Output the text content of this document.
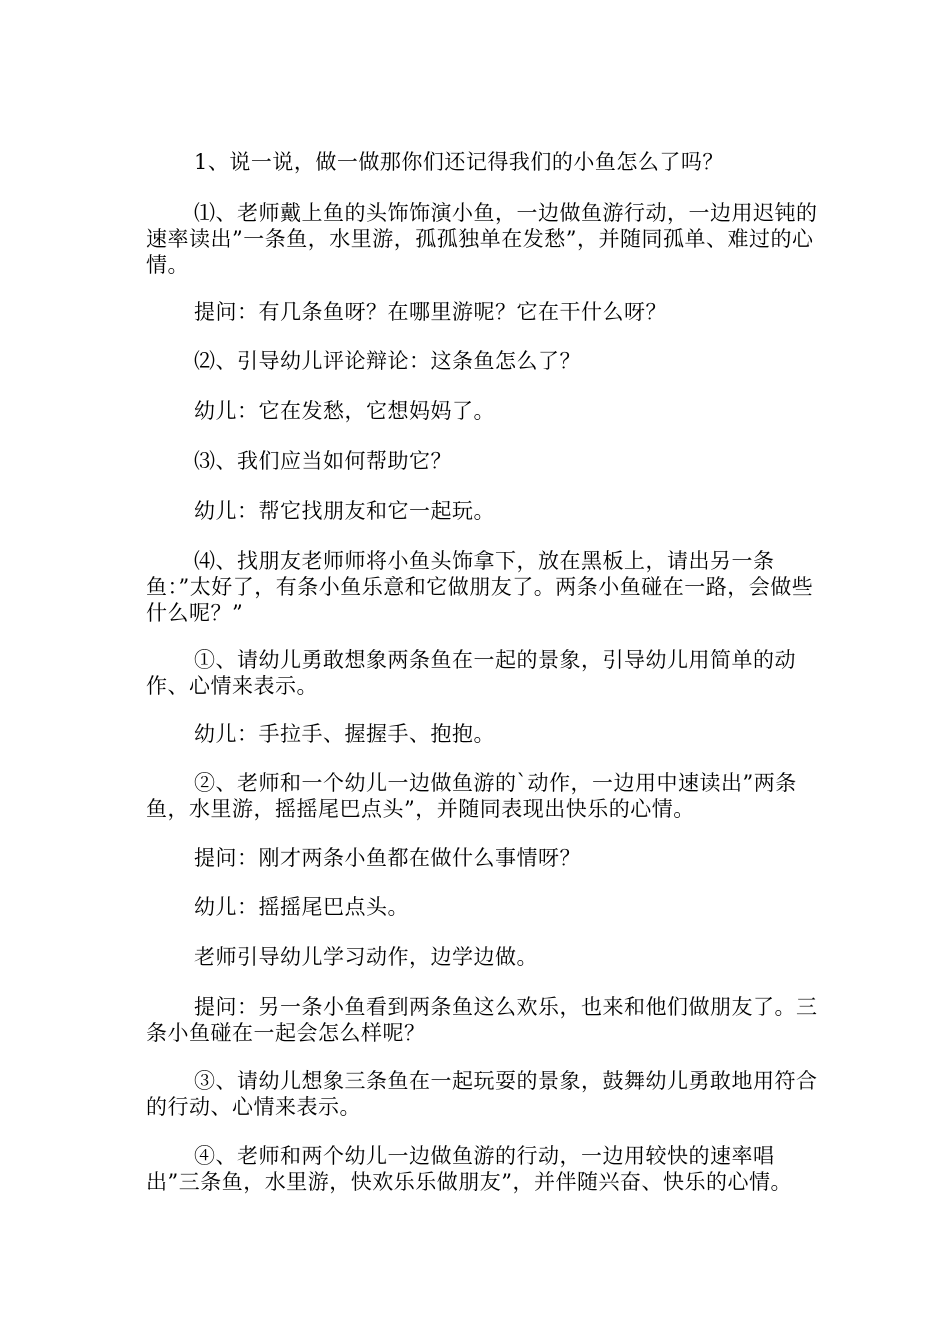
1、说一说，做一做那你们还记得我们的小鱼怎么了吗？

⑴、老师戴上鱼的头饰饰演小鱼，一边做鱼游行动，一边用迟钝的速率读出”一条鱼，水里游，孤孤独单在发愁”，并随同孤单、难过的心情。

提问：有几条鱼呀？在哪里游呢？它在干什么呀？

⑵、引导幼儿评论辩论：这条鱼怎么了？

幼儿：它在发愁，它想妈妈了。

⑶、我们应当如何帮助它？

幼儿：帮它找朋友和它一起玩。

⑷、找朋友老师师将小鱼头饰拿下，放在黑板上，请出另一条鱼：”太好了，有条小鱼乐意和它做朋友了。两条小鱼碰在一路，会做些什么呢？”

①、请幼儿勇敢想象两条鱼在一起的景象，引导幼儿用简单的动作、心情来表示。

幼儿：手拉手、握握手、抱抱。

②、老师和一个幼儿一边做鱼游的`动作，一边用中速读出”两条鱼，水里游，摇摇尾巴点头”，并随同表现出快乐的心情。

提问：刚才两条小鱼都在做什么事情呀？

幼儿：摇摇尾巴点头。

老师引导幼儿学习动作，边学边做。

提问：另一条小鱼看到两条鱼这么欢乐，也来和他们做朋友了。三条小鱼碰在一起会怎么样呢？

③、请幼儿想象三条鱼在一起玩耍的景象，鼓舞幼儿勇敢地用符合的行动、心情来表示。

④、老师和两个幼儿一边做鱼游的行动，一边用较快的速率唱出”三条鱼，水里游，快欢乐乐做朋友”，并伴随兴奋、快乐的心情。
